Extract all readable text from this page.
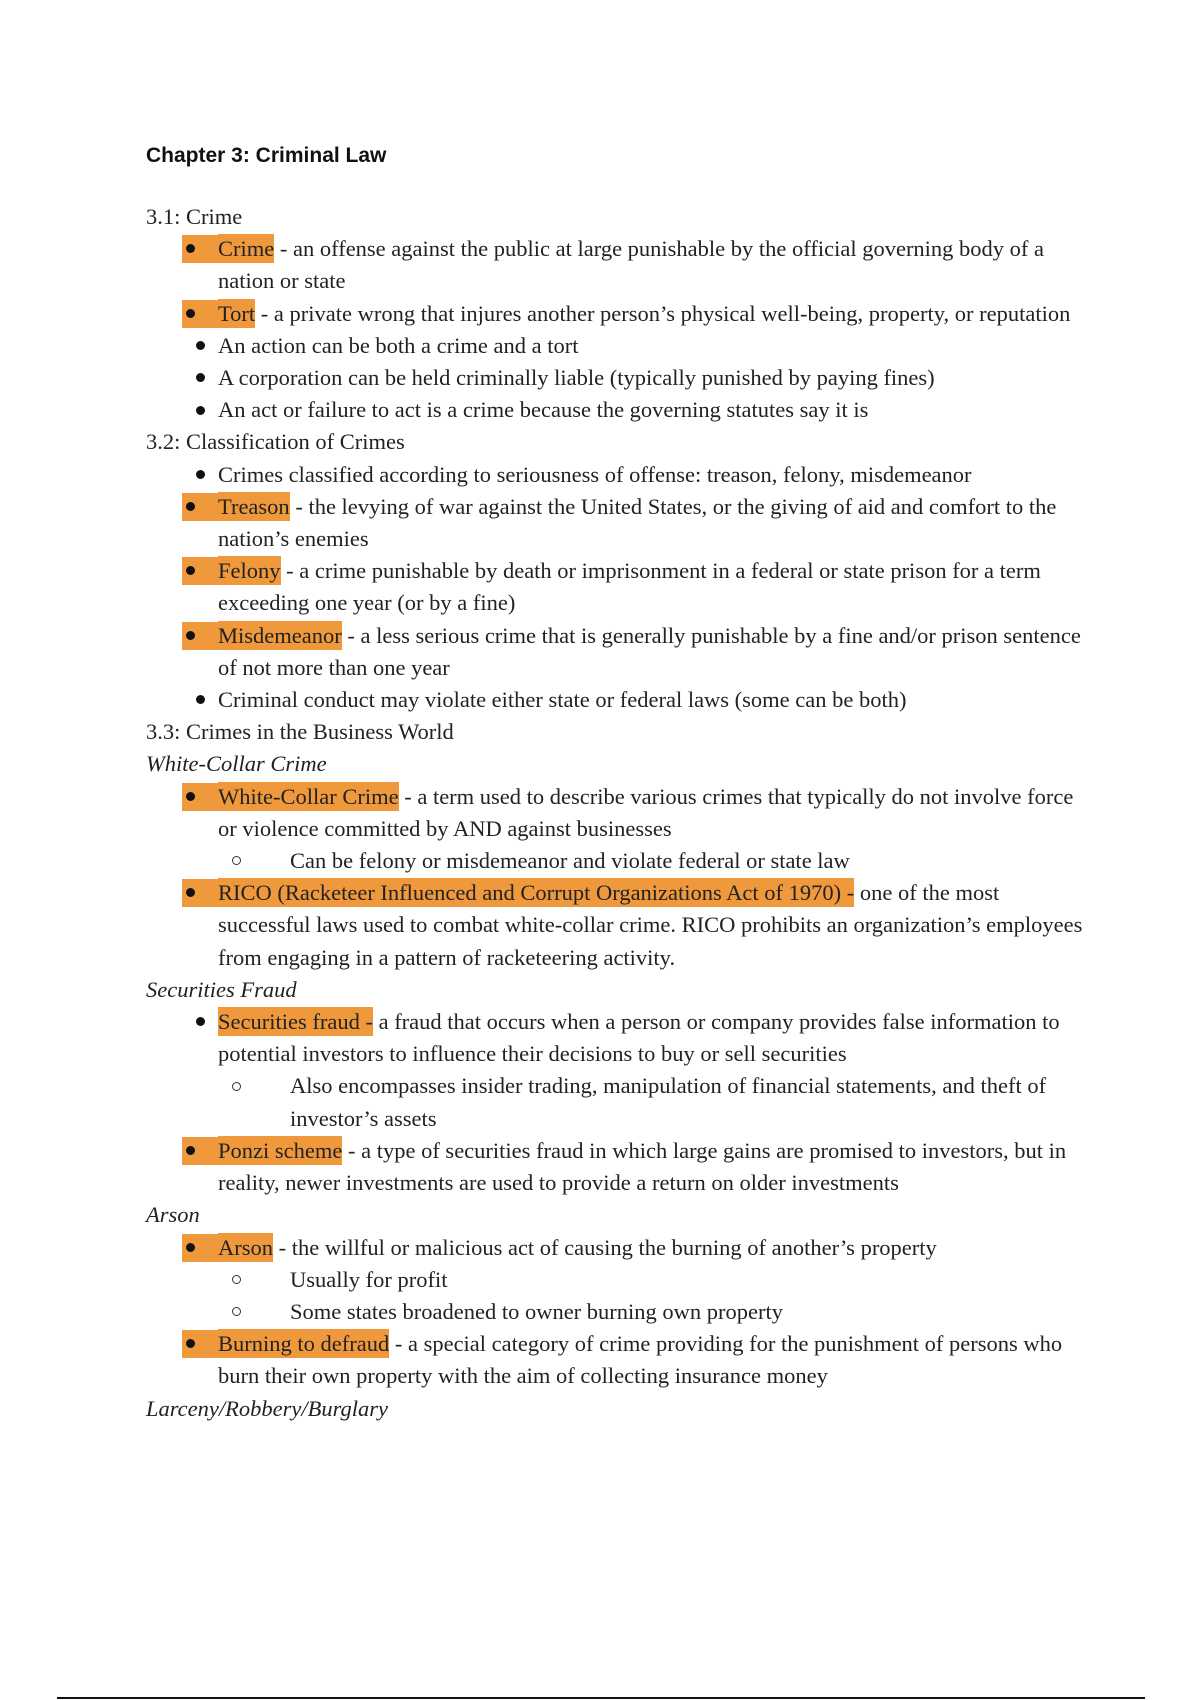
Chapter 3: Criminal Law
3.1: Crime
Crime - an offense against the public at large punishable by the official governing body of a nation or state
Tort - a private wrong that injures another person’s physical well-being, property, or reputation
An action can be both a crime and a tort
A corporation can be held criminally liable (typically punished by paying fines)
An act or failure to act is a crime because the governing statutes say it is
3.2: Classification of Crimes
Crimes classified according to seriousness of offense: treason, felony, misdemeanor
Treason - the levying of war against the United States, or the giving of aid and comfort to the nation’s enemies
Felony - a crime punishable by death or imprisonment in a federal or state prison for a term exceeding one year (or by a fine)
Misdemeanor - a less serious crime that is generally punishable by a fine and/or prison sentence of not more than one year
Criminal conduct may violate either state or federal laws (some can be both)
3.3: Crimes in the Business World
White-Collar Crime
White-Collar Crime - a term used to describe various crimes that typically do not involve force or violence committed by AND against businesses
Can be felony or misdemeanor and violate federal or state law
RICO (Racketeer Influenced and Corrupt Organizations Act of 1970) - one of the most successful laws used to combat white-collar crime. RICO prohibits an organization’s employees from engaging in a pattern of racketeering activity.
Securities Fraud
Securities fraud - a fraud that occurs when a person or company provides false information to potential investors to influence their decisions to buy or sell securities
Also encompasses insider trading, manipulation of financial statements, and theft of investor’s assets
Ponzi scheme - a type of securities fraud in which large gains are promised to investors, but in reality, newer investments are used to provide a return on older investments
Arson
Arson - the willful or malicious act of causing the burning of another’s property
Usually for profit
Some states broadened to owner burning own property
Burning to defraud - a special category of crime providing for the punishment of persons who burn their own property with the aim of collecting insurance money
Larceny/Robbery/Burglary
